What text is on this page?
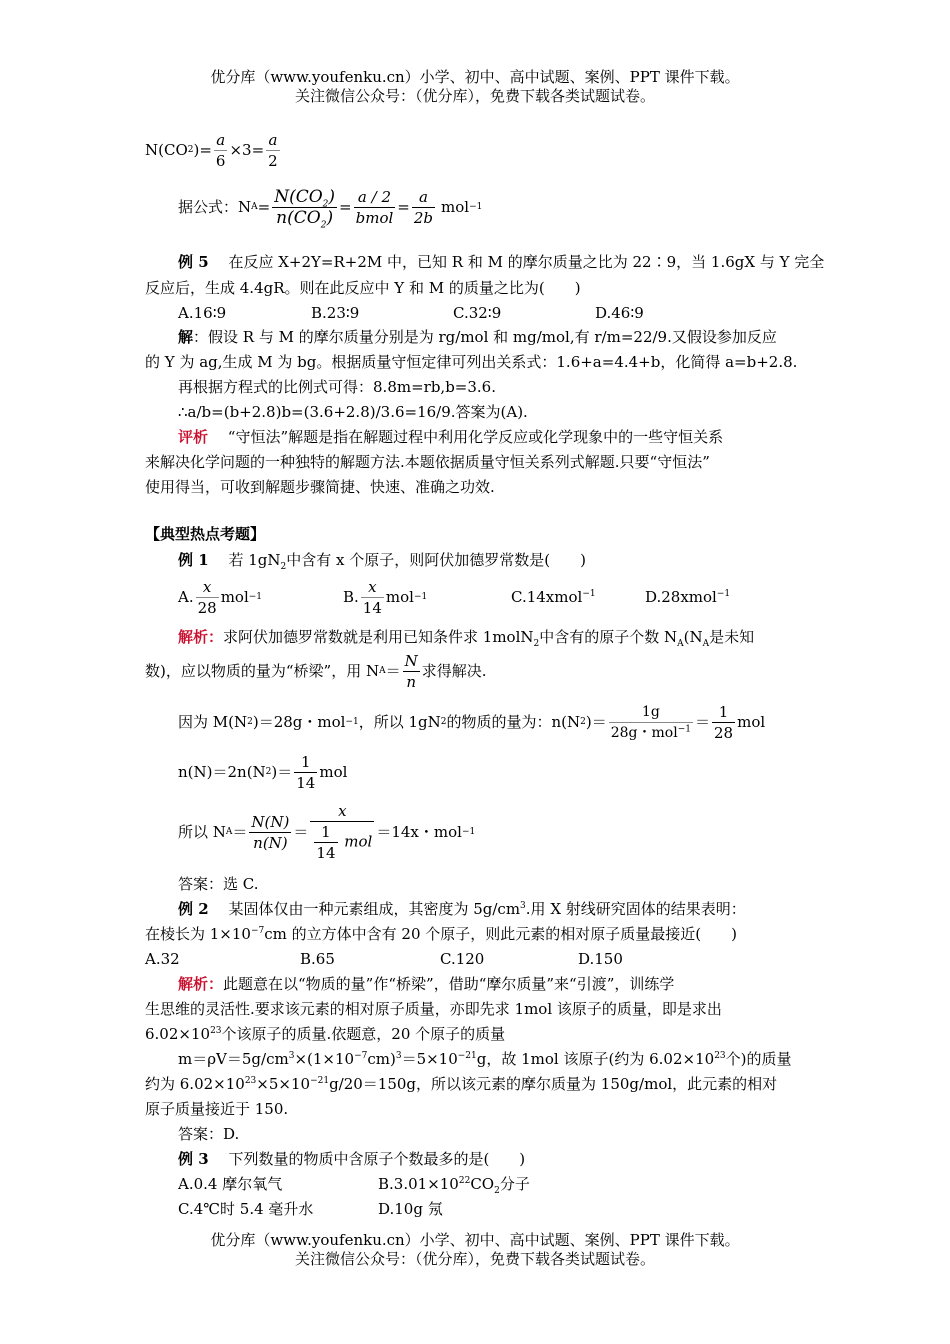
优分库（www.youfenku.cn）小学、初中、高中试题、案例、PPT 课件下载。
关注微信公众号：（优分库），免费下载各类试题试卷。
N(CO 2 )= $\frac{a}{6} \times 3= \frac{a}{2}$
据公式：N $A = \frac{N(CO_2)}{n(CO_2)} = \frac{a / 2}{\text{bmol}} = \frac{a}{2b}$ mol −1
例 5　 在反应 X+2Y=R+2M 中，已知 R 和 M 的摩尔质量之比为 22∶9，当 1.6gX 与 Y 完全
反应后，生成 4.4gR。则在此反应中 Y 和 M 的质量之比为(　　)
A.16∶9	B.23∶9	C.32∶9	D.46∶9
解：假设 R 与 M 的摩尔质量分别是为 rg/mol 和 mg/mol,有 r/m=22/9.又假设参加反应
的 Y 为 ag,生成 M 为 bg。根据质量守恒定律可列出关系式：1.6+a=4.4+b，化简得 a=b+2.8.
再根据方程式的比例式可得：8.8m=rb,b=3.6.
∴a/b=(b+2.8)b=(3.6+2.8)/3.6=16/9.答案为(A).
评析　 “守恒法”解题是指在解题过程中利用化学反应或化学现象中的一些守恒关系
来解决化学问题的一种独特的解题方法.本题依据质量守恒关系列式解题.只要“守恒法”
使用得当，可收到解题步骤简捷、快速、准确之功效.
【典型热点考题】
例 1　 若 $1gN_2$中含有 x 个原子，则阿伏加德罗常数是(　　)
A. $\frac{x}{28}$ mol −1	B. $\frac{x}{14}$ mol −1	C.14xmol$^{-1}$	D.28xmol$^{-1}$
解析：求阿伏加德罗常数就是利用已知条件求 1molN$_2$中含有的原子个数 $N_A(N_A$是未知
数)，应以物质的量为“桥梁”，用 N $A = \frac{N}{n}$ 求得解决.
因为 M(N 2 )＝28g・mol −1 ，所以 1gN 2 的物质的量为：n(N 2 )＝ $\frac{1g}{28g・mol^{-1}} = \frac{1}{28}$ mol
n(N)＝2n(N 2 )＝ $\frac{1}{14}$ mol
所以 N $A = \frac{N(N)}{n(N)} = \frac{x}{\frac{1}{14} mol} =14x$・mol −1
答案：选 C.
例 2　 某固体仅由一种元素组成，其密度为 $5g/cm^3$.用 X 射线研究固体的结果表明：
在棱长为 $1\times 10^{-7}cm$ 的立方体中含有 20 个原子，则此元素的相对原子质量最接近(　　)
A.32	B.65	C.120	D.150
解析：此题意在以“物质的量”作“桥梁”，借助“摩尔质量”来“引渡”，训练学
生思维的灵活性.要求该元素的相对原子质量，亦即先求 1mol 该原子的质量，即是求出
$6.02\times 10^{23}$个该原子的质量.依题意，20 个原子的质量
$m=\rho V=5g/cm^3\times(1\times 10^{-7}cm)^3=5\times 10^{-21}g$，故 1mol 该原子(约为 $6.02\times 10^{23}$个)的质量
约为 $6.02\times 10^{23}\times 5\times 10^{-21}g/20=150g$，所以该元素的摩尔质量为 150g/mol，此元素的相对
原子质量接近于 150.
答案：D.
例 3　 下列数量的物质中含原子个数最多的是(　　)
A.0.4 摩尔氧气	$B.3.01\times 10^{22}CO_2$分子
C.4℃时 5.4 毫升水	D.10g 氖
优分库（www.youfenku.cn）小学、初中、高中试题、案例、PPT 课件下载。
关注微信公众号：（优分库），免费下载各类试题试卷。
